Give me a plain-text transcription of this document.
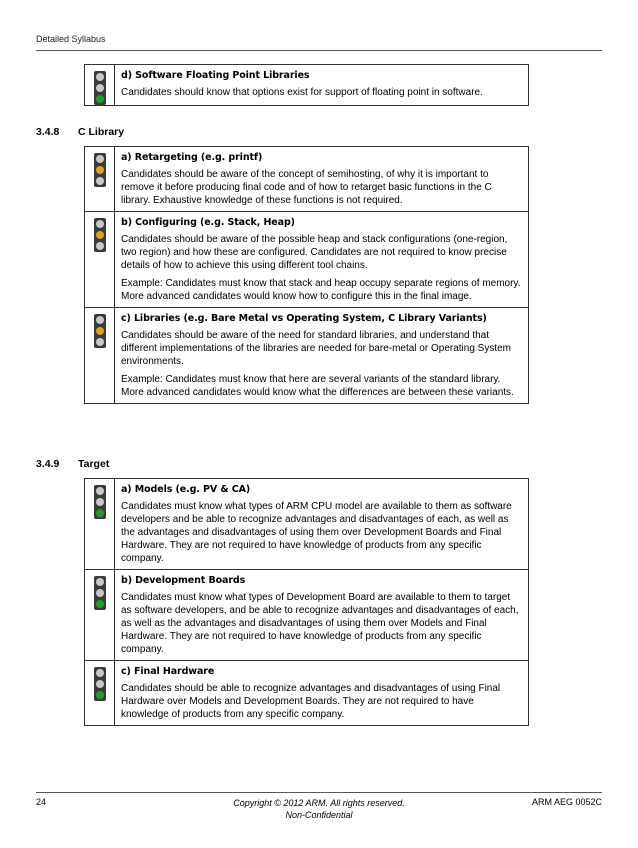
Detailed Syllabus
d) Software Floating Point Libraries
Candidates should know that options exist for support of floating point in software.
3.4.8 C Library
a) Retargeting (e.g. printf)
Candidates should be aware of the concept of semihosting, of why it is important to remove it before producing final code and of how to retarget basic functions in the C library. Exhaustive knowledge of these functions is not required.
b) Configuring (e.g. Stack, Heap)
Candidates should be aware of the possible heap and stack configurations (one-region, two region) and how these are configured. Candidates are not required to know precise details of how to achieve this using different tool chains.
Example: Candidates must know that stack and heap occupy separate regions of memory. More advanced candidates would know how to configure this in the final image.
c) Libraries (e.g. Bare Metal vs Operating System, C Library Variants)
Candidates should be aware of the need for standard libraries, and understand that different implementations of the libraries are needed for bare-metal or Operating System environments.
Example: Candidates must know that here are several variants of the standard library. More advanced candidates would know what the differences are between these variants.
3.4.9 Target
a) Models (e.g. PV & CA)
Candidates must know what types of ARM CPU model are available to them as software developers and be able to recognize advantages and disadvantages of each, as well as the advantages and disadvantages of using them over Development Boards and Final Hardware. They are not required to have knowledge of products from any specific company.
b) Development Boards
Candidates must know what types of Development Board are available to them to target as software developers, and be able to recognize advantages and disadvantages of each, as well as the advantages and disadvantages of using them over Models and Final Hardware. They are not required to have knowledge of products from any specific company.
c) Final Hardware
Candidates should be able to recognize advantages and disadvantages of using Final Hardware over Models and Development Boards. They are not required to have knowledge of products from any specific company.
24	Copyright © 2012 ARM. All rights reserved.
Non-Confidential
ARM AEG 0052C
